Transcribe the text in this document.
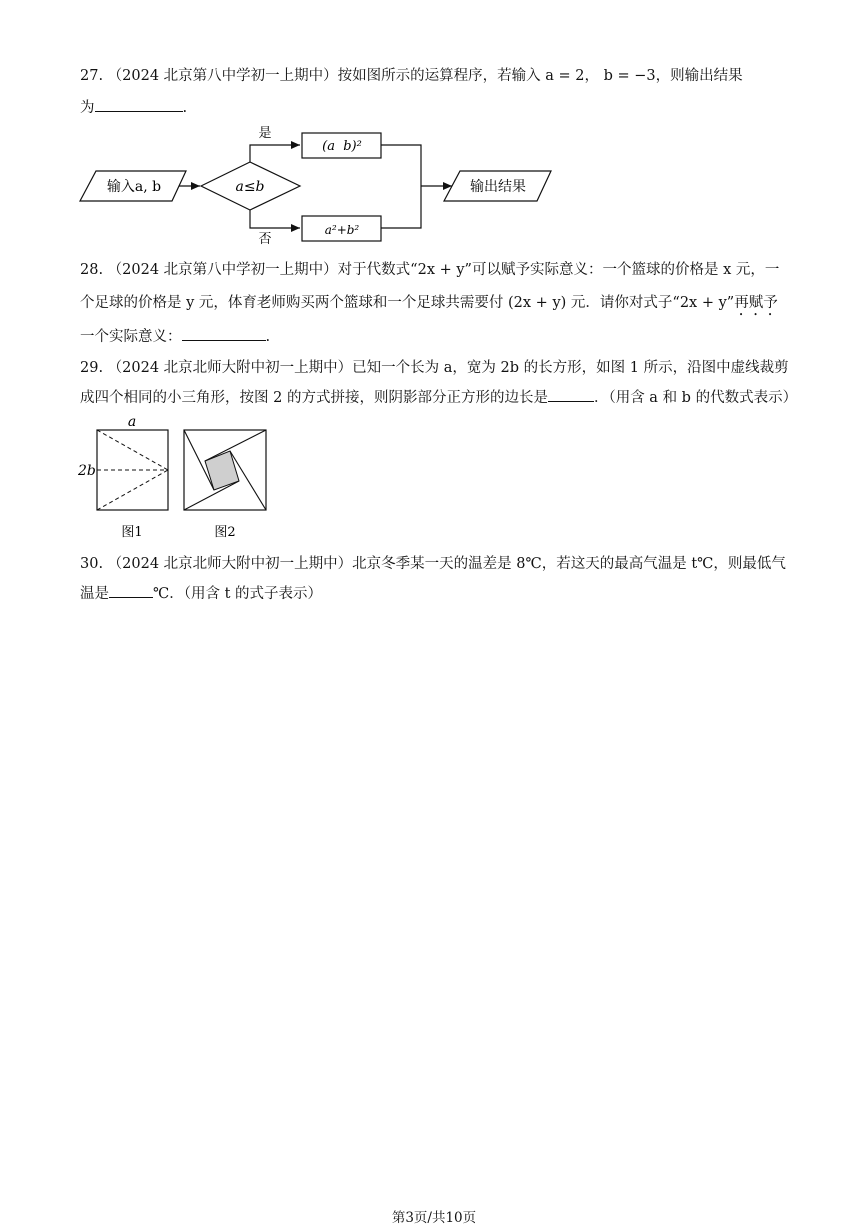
27. （2024 北京第八中学初一上期中）按如图所示的运算程序，若输入 a = 2， b = −3，则输出结果
为	.
输入a, b	a≤b
是
(a  b)²
否
a²+b²
输出结果
28. （2024 北京第八中学初一上期中）对于代数式“2x + y”可以赋予实际意义：一个篮球的价格是 x 元，一
个足球的价格是 y 元，体育老师购买两个篮球和一个足球共需要付 (2x + y) 元．请你对式子“2x + y”再赋予
一个实际意义：	.
29. （2024 北京北师大附中初一上期中）已知一个长为 a，宽为 2b 的长方形，如图 1 所示，沿图中虚线裁剪
成四个相同的小三角形，按图 2 的方式拼接，则阴影部分正方形的边长是	．（用含 a 和 b 的代数式表示）
a
2b
图1	图2
30. （2024 北京北师大附中初一上期中）北京冬季某一天的温差是 8℃，若这天的最高气温是 t℃，则最低气
温是	℃．（用含 t 的式子表示）
第3页/共10页
